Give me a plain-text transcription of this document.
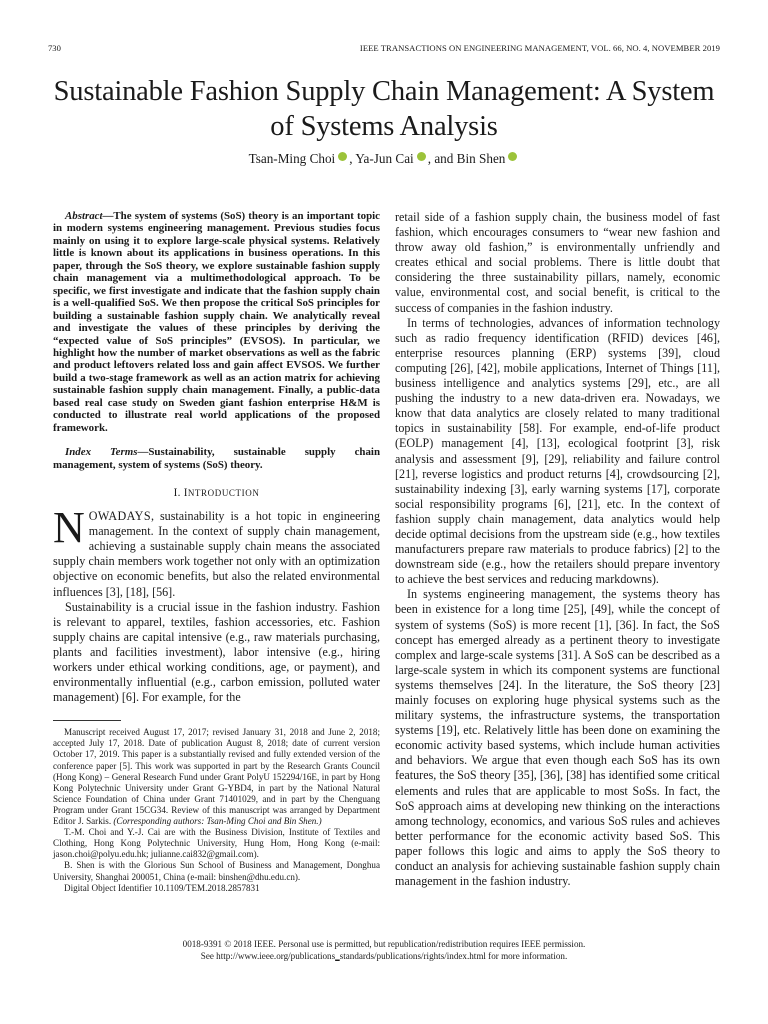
730	IEEE TRANSACTIONS ON ENGINEERING MANAGEMENT, VOL. 66, NO. 4, NOVEMBER 2019
Sustainable Fashion Supply Chain Management: A System of Systems Analysis
Tsan-Ming Choi , Ya-Jun Cai , and Bin Shen

Abstract—The system of systems (SoS) theory is an important topic in modern systems engineering management. Previous studies focus mainly on using it to explore large-scale physical systems. Relatively little is known about its applications in business operations. In this paper, through the SoS theory, we explore sustainable fashion supply chain management via a multimethodological approach. To be specific, we first investigate and indicate that the fashion supply chain is a well-qualified SoS. We then propose the critical SoS principles for building a sustainable fashion supply chain. We analytically reveal and investigate the values of these principles by deriving the “expected value of SoS principles” (EVSOS). In particular, we highlight how the number of market observations as well as the fabric and product leftovers related loss and gain affect EVSOS. We further build a two-stage framework as well as an action matrix for achieving sustainable fashion supply chain management. Finally, a public-data based real case study on Sweden giant fashion enterprise H&M is conducted to illustrate real world applications of the proposed framework.

Index Terms—Sustainability, sustainable supply chain management, system of systems (SoS) theory.

I. INTRODUCTION

NOWADAYS, sustainability is a hot topic in engineering management. In the context of supply chain management, achieving a sustainable supply chain means the associated supply chain members work together not only with an optimization objective on economic benefits, but also the related environmental influences [3], [18], [56].

Sustainability is a crucial issue in the fashion industry. Fashion is relevant to apparel, textiles, fashion accessories, etc. Fashion supply chains are capital intensive (e.g., raw materials purchasing, plants and facilities investment), labor intensive (e.g., hiring workers under ethical working conditions, age, or payment), and environmentally influential (e.g., carbon emission, polluted water management) [6]. For example, for the

Manuscript received August 17, 2017; revised January 31, 2018 and June 2, 2018; accepted July 17, 2018. Date of publication August 8, 2018; date of current version October 17, 2019. This paper is a substantially revised and fully extended version of the conference paper [5]. This work was supported in part by the Research Grants Council (Hong Kong) – General Research Fund under Grant PolyU 152294/16E, in part by Hong Kong Polytechnic University under Grant G-YBD4, in part by the National Natural Science Foundation of China under Grant 71401029, and in part by the Chenguang Program under Grant 15CG34. Review of this manuscript was arranged by Department Editor J. Sarkis. (Corresponding authors: Tsan-Ming Choi and Bin Shen.)

T.-M. Choi and Y.-J. Cai are with the Business Division, Institute of Textiles and Clothing, Hong Kong Polytechnic University, Hung Hom, Hong Kong (e-mail: jason.choi@polyu.edu.hk; julianne.cai832@gmail.com).

B. Shen is with the Glorious Sun School of Business and Management, Donghua University, Shanghai 200051, China (e-mail: binshen@dhu.edu.cn).

Digital Object Identifier 10.1109/TEM.2018.2857831

retail side of a fashion supply chain, the business model of fast fashion, which encourages consumers to “wear new fashion and throw away old fashion,” is environmentally unfriendly and creates ethical and social problems. There is little doubt that considering the three sustainability pillars, namely, economic value, environmental cost, and social benefit, is critical to the success of companies in the fashion industry.

In terms of technologies, advances of information technology such as radio frequency identification (RFID) devices [46], enterprise resources planning (ERP) systems [39], cloud computing [26], [42], mobile applications, Internet of Things [11], business intelligence and analytics systems [29], etc., are all pushing the industry to a new data-driven era. Nowadays, we know that data analytics are closely related to many traditional topics in sustainability [58]. For example, end-of-life product (EOLP) management [4], [13], ecological footprint [3], risk analysis and assessment [9], [29], reliability and failure control [21], reverse logistics and product returns [4], crowdsourcing [2], sustainability indexing [3], early warning systems [17], corporate social responsibility programs [6], [21], etc. In the context of fashion supply chain management, data analytics would help decide optimal decisions from the upstream side (e.g., how textiles manufacturers prepare raw materials to produce fabrics) [2] to the downstream side (e.g., how the retailers should prepare inventory to achieve the best services and reducing markdowns).

In systems engineering management, the systems theory has been in existence for a long time [25], [49], while the concept of system of systems (SoS) is more recent [1], [36]. In fact, the SoS concept has emerged already as a pertinent theory to investigate complex and large-scale systems [31]. A SoS can be described as a large-scale system in which its component systems are functional systems themselves [24]. In the literature, the SoS theory [23] mainly focuses on exploring huge physical systems such as the military systems, the infrastructure systems, the transportation systems [19], etc. Relatively little has been done on examining the economic activity based systems, which include human activities and behaviors. We argue that even though each SoS has its own features, the SoS theory [35], [36], [38] has identified some critical elements and rules that are applicable to most SoSs. In fact, the SoS approach aims at developing new thinking on the interactions among technology, economics, and various SoS rules and achieves better performance for the economic activity based SoS. This paper follows this logic and aims to apply the SoS theory to conduct an analysis for achieving sustainable fashion supply chain management in the fashion industry.

0018-9391 © 2018 IEEE. Personal use is permitted, but republication/redistribution requires IEEE permission.
See http://www.ieee.org/publications_standards/publications/rights/index.html for more information.
